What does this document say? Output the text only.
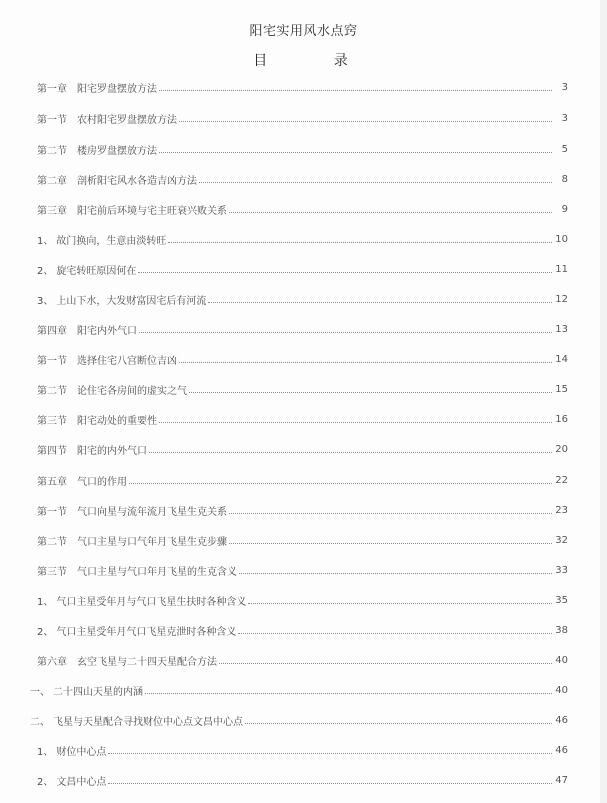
阳宅实用风水点窍
目 录
第一章 阳宅罗盘摆放方法	3
第一节 农村阳宅罗盘摆放方法	3
第二节 楼房罗盘摆放方法	5
第二章 剖析阳宅风水各造吉凶方法	8
第三章 阳宅前后环境与宅主旺衰兴败关系	9
1、 故门换向，生意由淡转旺	10
2、 旋宅转旺原因何在	11
3、 上山下水，大发财富因宅后有河流	12
第四章 阳宅内外气口	13
第一节 选择住宅八宫断位吉凶	14
第二节 论住宅各房间的虚实之气	15
第三节 阳宅动处的重要性	16
第四节 阳宅的内外气口	20
第五章 气口的作用	22
第一节 气口向星与流年流月飞星生克关系	23
第二节 气口主星与口气年月飞星生克步骤	32
第三节 气口主星与气口年月飞星的生克含义	33
1、 气口主星受年月与气口飞星生扶时各种含义	35
2、 气口主星受年月气口飞星克泄时各种含义	38
第六章 玄空飞星与二十四天星配合方法	40
一、 二十四山天星的内涵	40
二、 飞星与天星配合寻找财位中心点文昌中心点	46
1、 财位中心点	46
2、 文昌中心点	47
